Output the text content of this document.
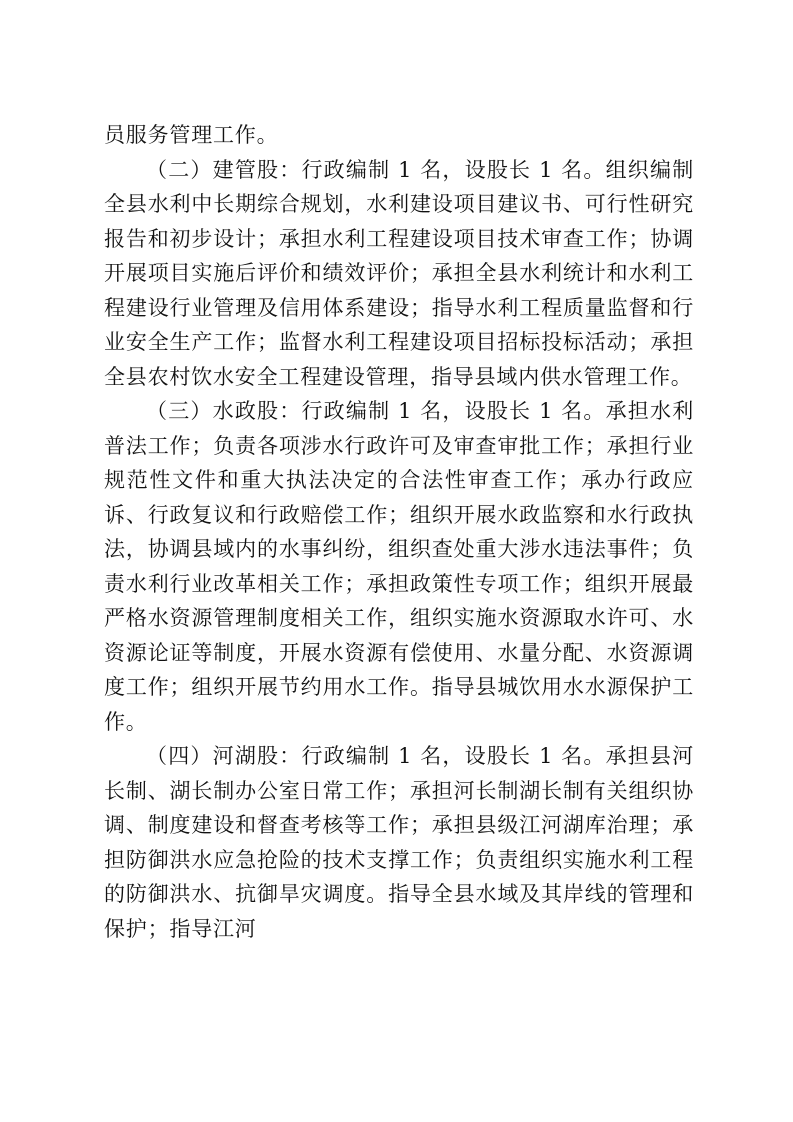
员服务管理工作。

（二）建管股：行政编制 1 名，设股长 1 名。组织编制全县水利中长期综合规划，水利建设项目建议书、可行性研究报告和初步设计；承担水利工程建设项目技术审查工作；协调开展项目实施后评价和绩效评价；承担全县水利统计和水利工程建设行业管理及信用体系建设；指导水利工程质量监督和行业安全生产工作；监督水利工程建设项目招标投标活动；承担全县农村饮水安全工程建设管理，指导县域内供水管理工作。

（三）水政股：行政编制 1 名，设股长 1 名。承担水利普法工作；负责各项涉水行政许可及审查审批工作；承担行业规范性文件和重大执法决定的合法性审查工作；承办行政应诉、行政复议和行政赔偿工作；组织开展水政监察和水行政执法，协调县域内的水事纠纷，组织查处重大涉水违法事件；负责水利行业改革相关工作；承担政策性专项工作；组织开展最严格水资源管理制度相关工作，组织实施水资源取水许可、水资源论证等制度，开展水资源有偿使用、水量分配、水资源调度工作；组织开展节约用水工作。指导县城饮用水水源保护工作。

（四）河湖股：行政编制 1 名，设股长 1 名。承担县河长制、湖长制办公室日常工作；承担河长制湖长制有关组织协调、制度建设和督查考核等工作；承担县级江河湖库治理；承担防御洪水应急抢险的技术支撑工作；负责组织实施水利工程的防御洪水、抗御旱灾调度。指导全县水域及其岸线的管理和保护；指导江河
